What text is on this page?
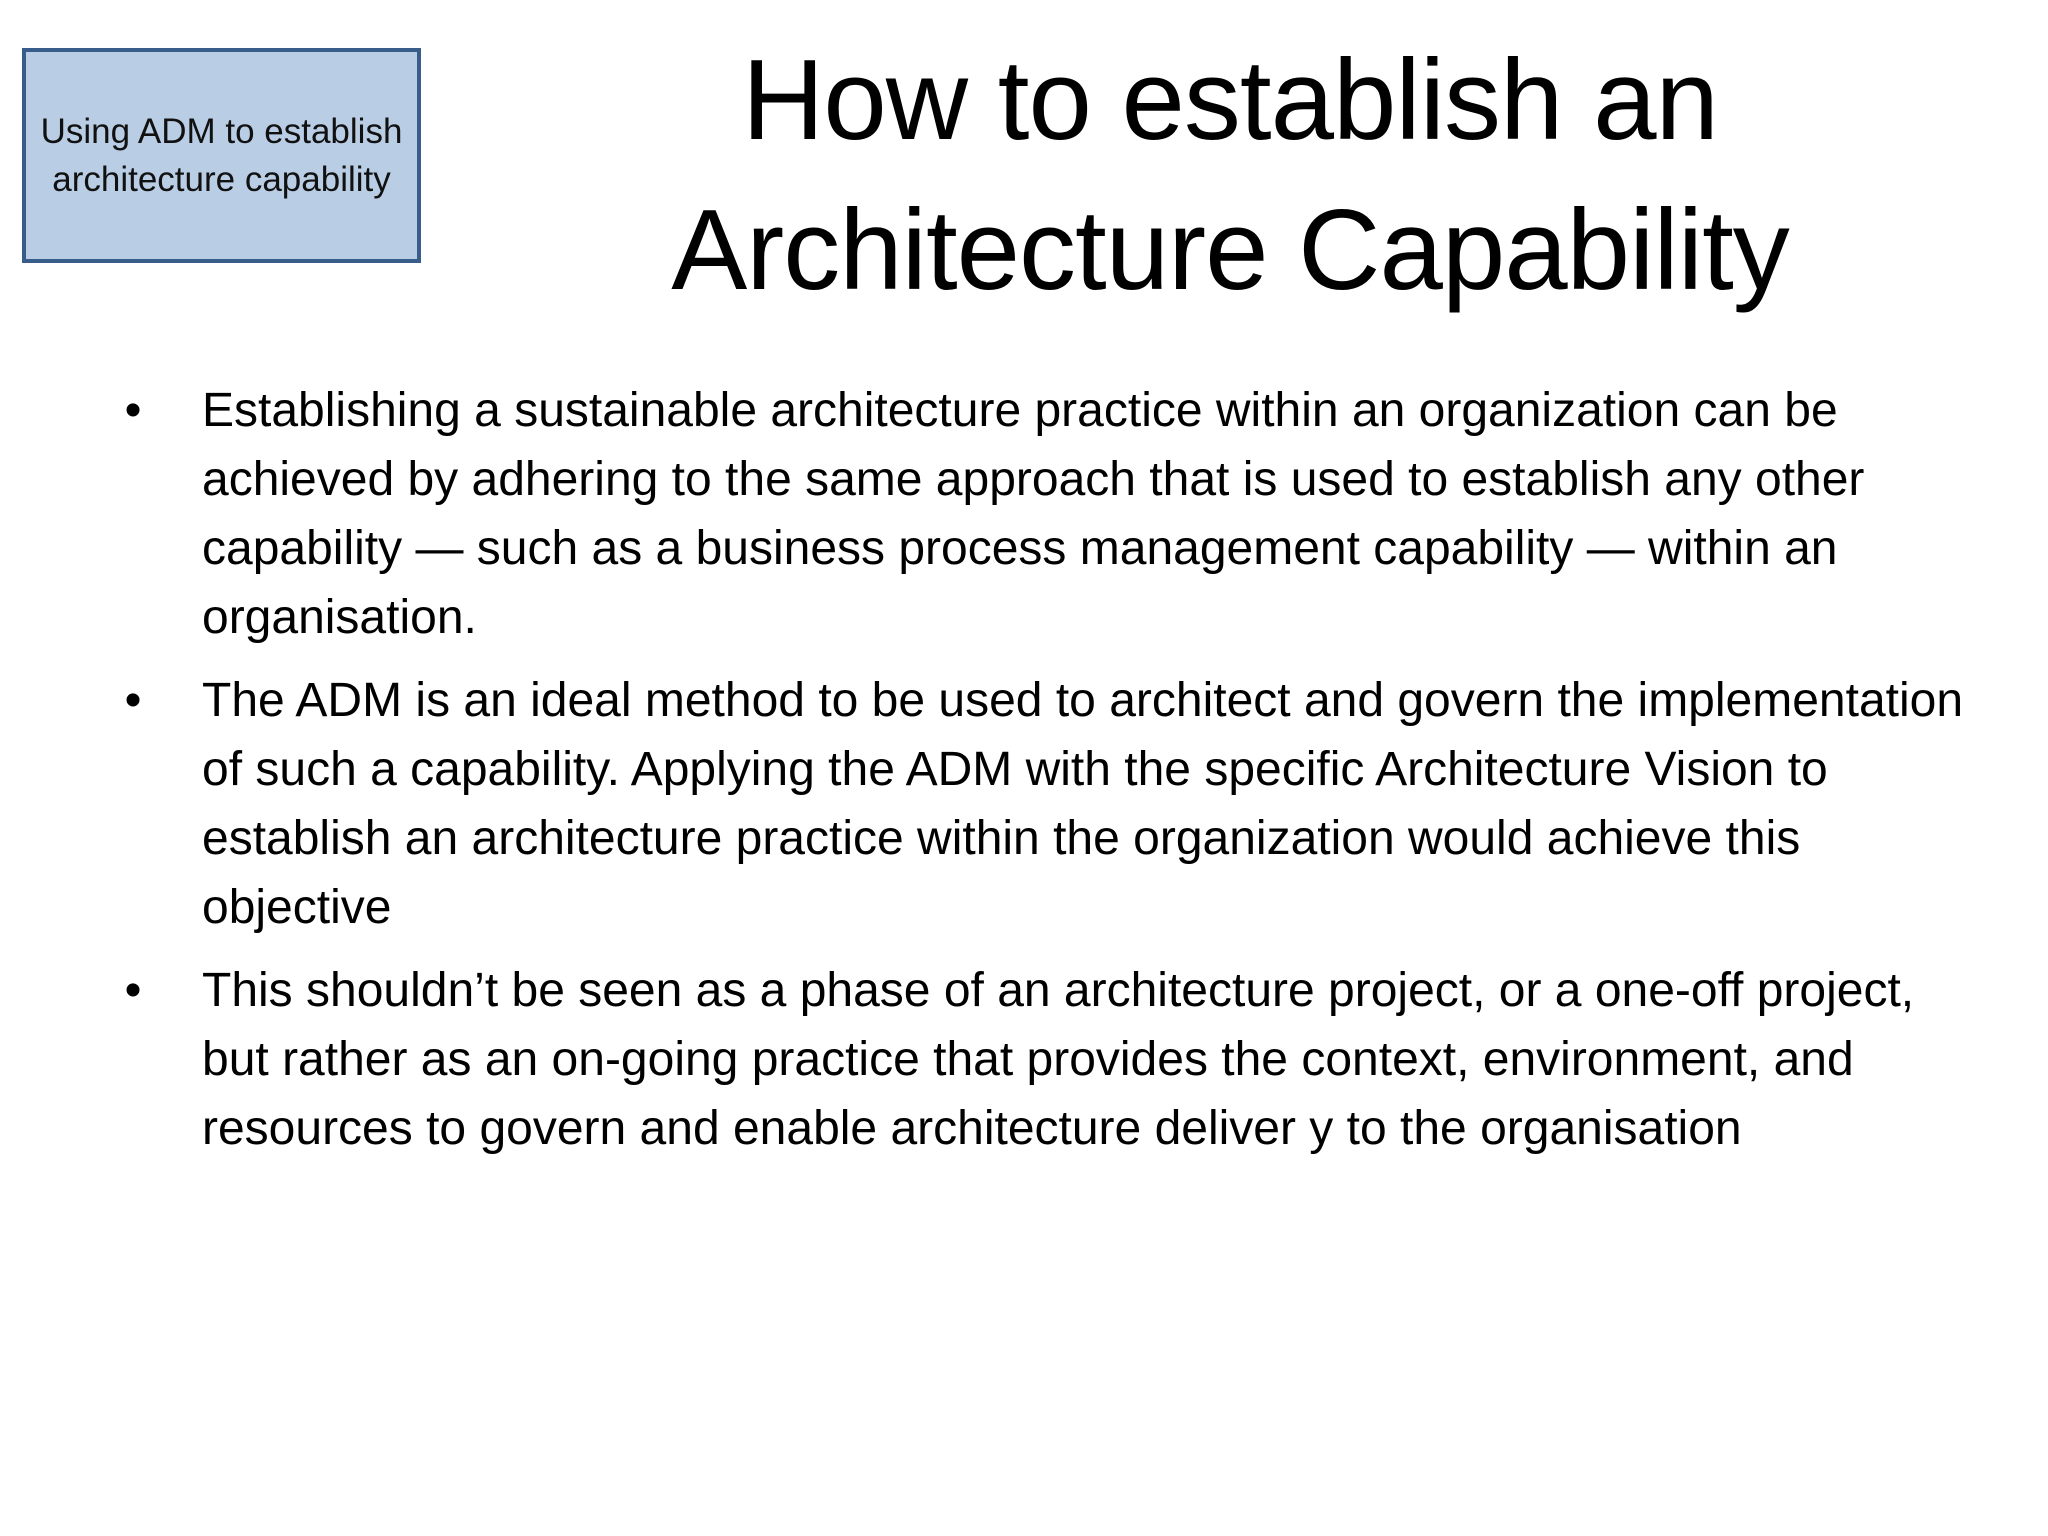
Using ADM to establish architecture capability
How to establish an Architecture Capability
• Establishing a sustainable architecture practice within an organization can be achieved by adhering to the same approach that is used to establish any other capability — such as a business process management capability — within an organisation.
• The ADM is an ideal method to be used to architect and govern the implementation of such a capability. Applying the ADM with the specific Architecture Vision to establish an architecture practice within the organization would achieve this objective
• This shouldn’t be seen as a phase of an architecture project, or a one-off project, but rather as an on-going practice that provides the context, environment, and resources to govern and enable architecture deliver y to the organisation
